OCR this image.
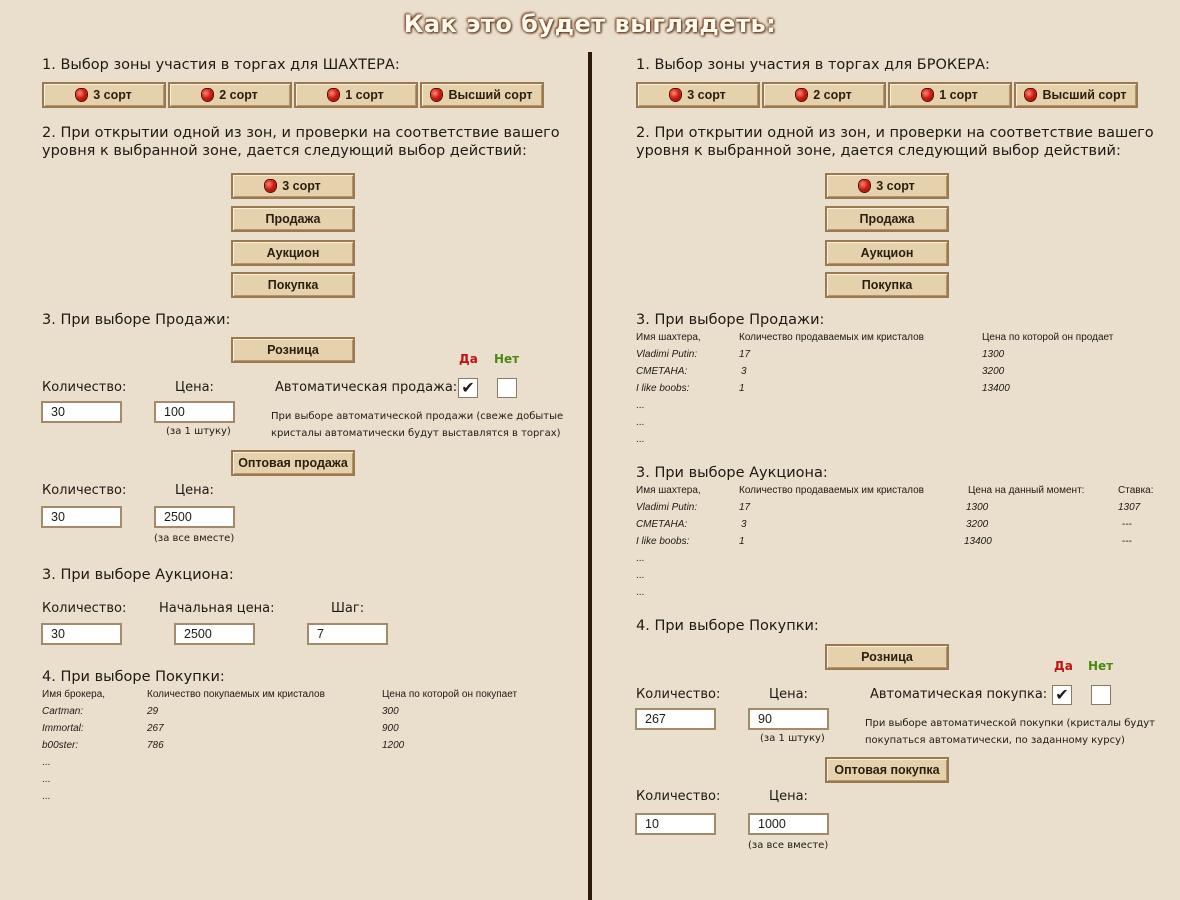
Как это будет выглядеть:
1. Выбор зоны участия в торгах для ШАХТЕРА:
3 сорт	2 сорт	1 сорт	Высший сорт
2. При открытии одной из зон, и проверки на соответствие вашего уровня к выбранной зоне, дается следующий выбор действий:
3 сорт
Продажа
Аукцион
Покупка
3. При выборе Продажи:
Розница
Да Нет
Количество:	Цена:	Автоматическая продажа: ✔
30	100
(за 1 штуку)
При выборе автоматической продажи (свеже добытые кристалы автоматически будут выставлятся в торгах)
Оптовая продажа
Количество:	Цена:
30	2500
(за все вместе)
3. При выборе Аукциона:
Количество:	Начальная цена:	Шаг:
30	2500	7
4. При выборе Покупки:
Имя брокера,	Количество покупаемых им кристалов	Цена по которой он покупает
Cartman:	29	300
Immortal:	267	900
b00ster:	786	1200
...
...
...
1. Выбор зоны участия в торгах для БРОКЕРА:
3 сорт	2 сорт	1 сорт	Высший сорт
2. При открытии одной из зон, и проверки на соответствие вашего уровня к выбранной зоне, дается следующий выбор действий:
3 сорт
Продажа
Аукцион
Покупка
3. При выборе Продажи:
Имя шахтера,	Количество продаваемых им кристалов	Цена по которой он продает
Vladimi Putin:	17	1300
СМЕТАНА:	3	3200
I like boobs:	1	13400
...
...
...
3. При выборе Аукциона:
Имя шахтера,	Количество продаваемых им кристалов	Цена на данный момент:	Ставка:
Vladimi Putin:	17	1300	1307
СМЕТАНА:	3	3200	---
I like boobs:	1	13400	---
...
...
...
4. При выборе Покупки:
Розница
Да Нет
Количество:	Цена:	Автоматическая покупка: ✔
267	90
(за 1 штуку)
При выборе автоматической покупки (кристалы будут покупаться автоматически, по заданному курсу)
Оптовая покупка
Количество:	Цена:
10	1000
(за все вместе)
